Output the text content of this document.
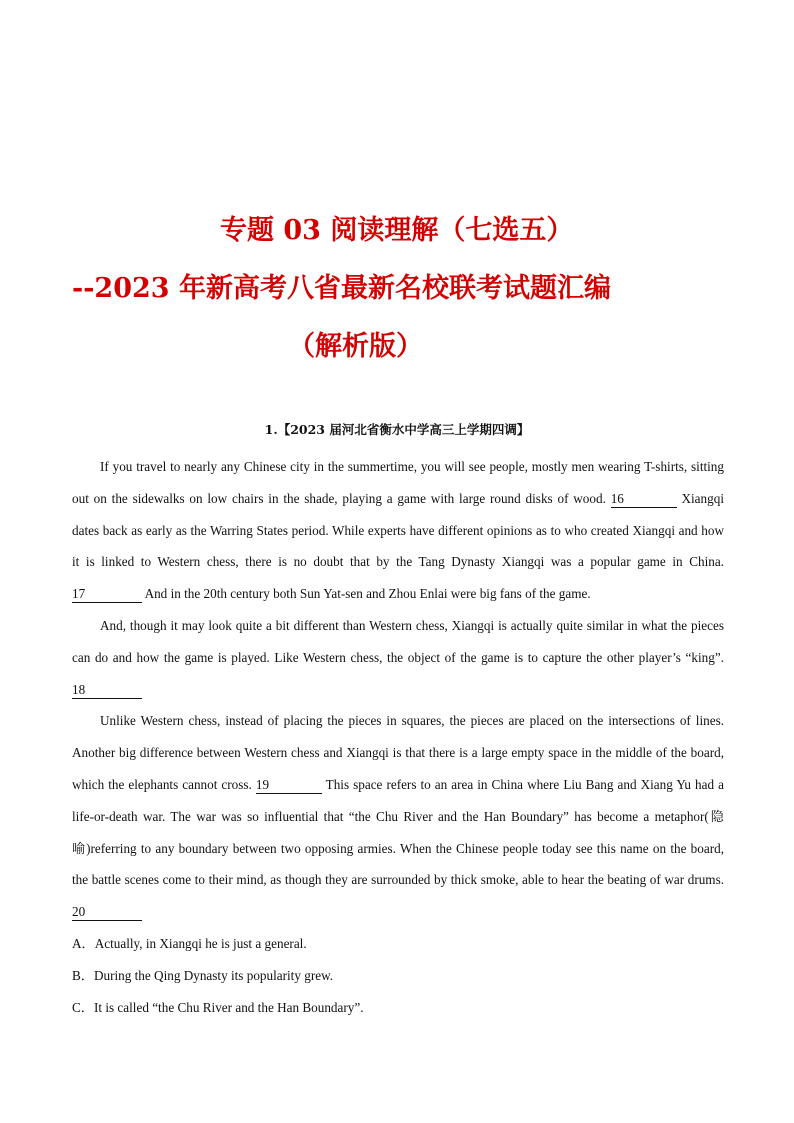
专题 03 阅读理解（七选五）
--2023 年新高考八省最新名校联考试题汇编
（解析版）
1.【2023 届河北省衡水中学高三上学期四调】

If you travel to nearly any Chinese city in the summertime, you will see people, mostly men wearing T-shirts, sitting out on the sidewalks on low chairs in the shade, playing a game with large round disks of wood. 16	Xiangqi dates back as early as the Warring States period. While experts have different opinions as to who created Xiangqi and how it is linked to Western chess, there is no doubt that by the Tang Dynasty Xiangqi was a popular game in China. 17	And in the 20th century both Sun Yat-sen and Zhou Enlai were big fans of the game.

And, though it may look quite a bit different than Western chess, Xiangqi is actually quite similar in what the pieces can do and how the game is played. Like Western chess, the object of the game is to capture the other player’s “king”. 18

Unlike Western chess, instead of placing the pieces in squares, the pieces are placed on the intersections of lines. Another big difference between Western chess and Xiangqi is that there is a large empty space in the middle of the board, which the elephants cannot cross. 19	This space refers to an area in China where Liu Bang and Xiang Yu had a life-or-death war. The war was so influential that “the Chu River and the Han Boundary” has become a metaphor(隐喻)referring to any boundary between two opposing armies. When the Chinese people today see this name on the board, the battle scenes come to their mind, as though they are surrounded by thick smoke, able to hear the beating of war drums. 20

A．Actually, in Xiangqi he is just a general.

B．During the Qing Dynasty its popularity grew.

C．It is called “the Chu River and the Han Boundary”.
